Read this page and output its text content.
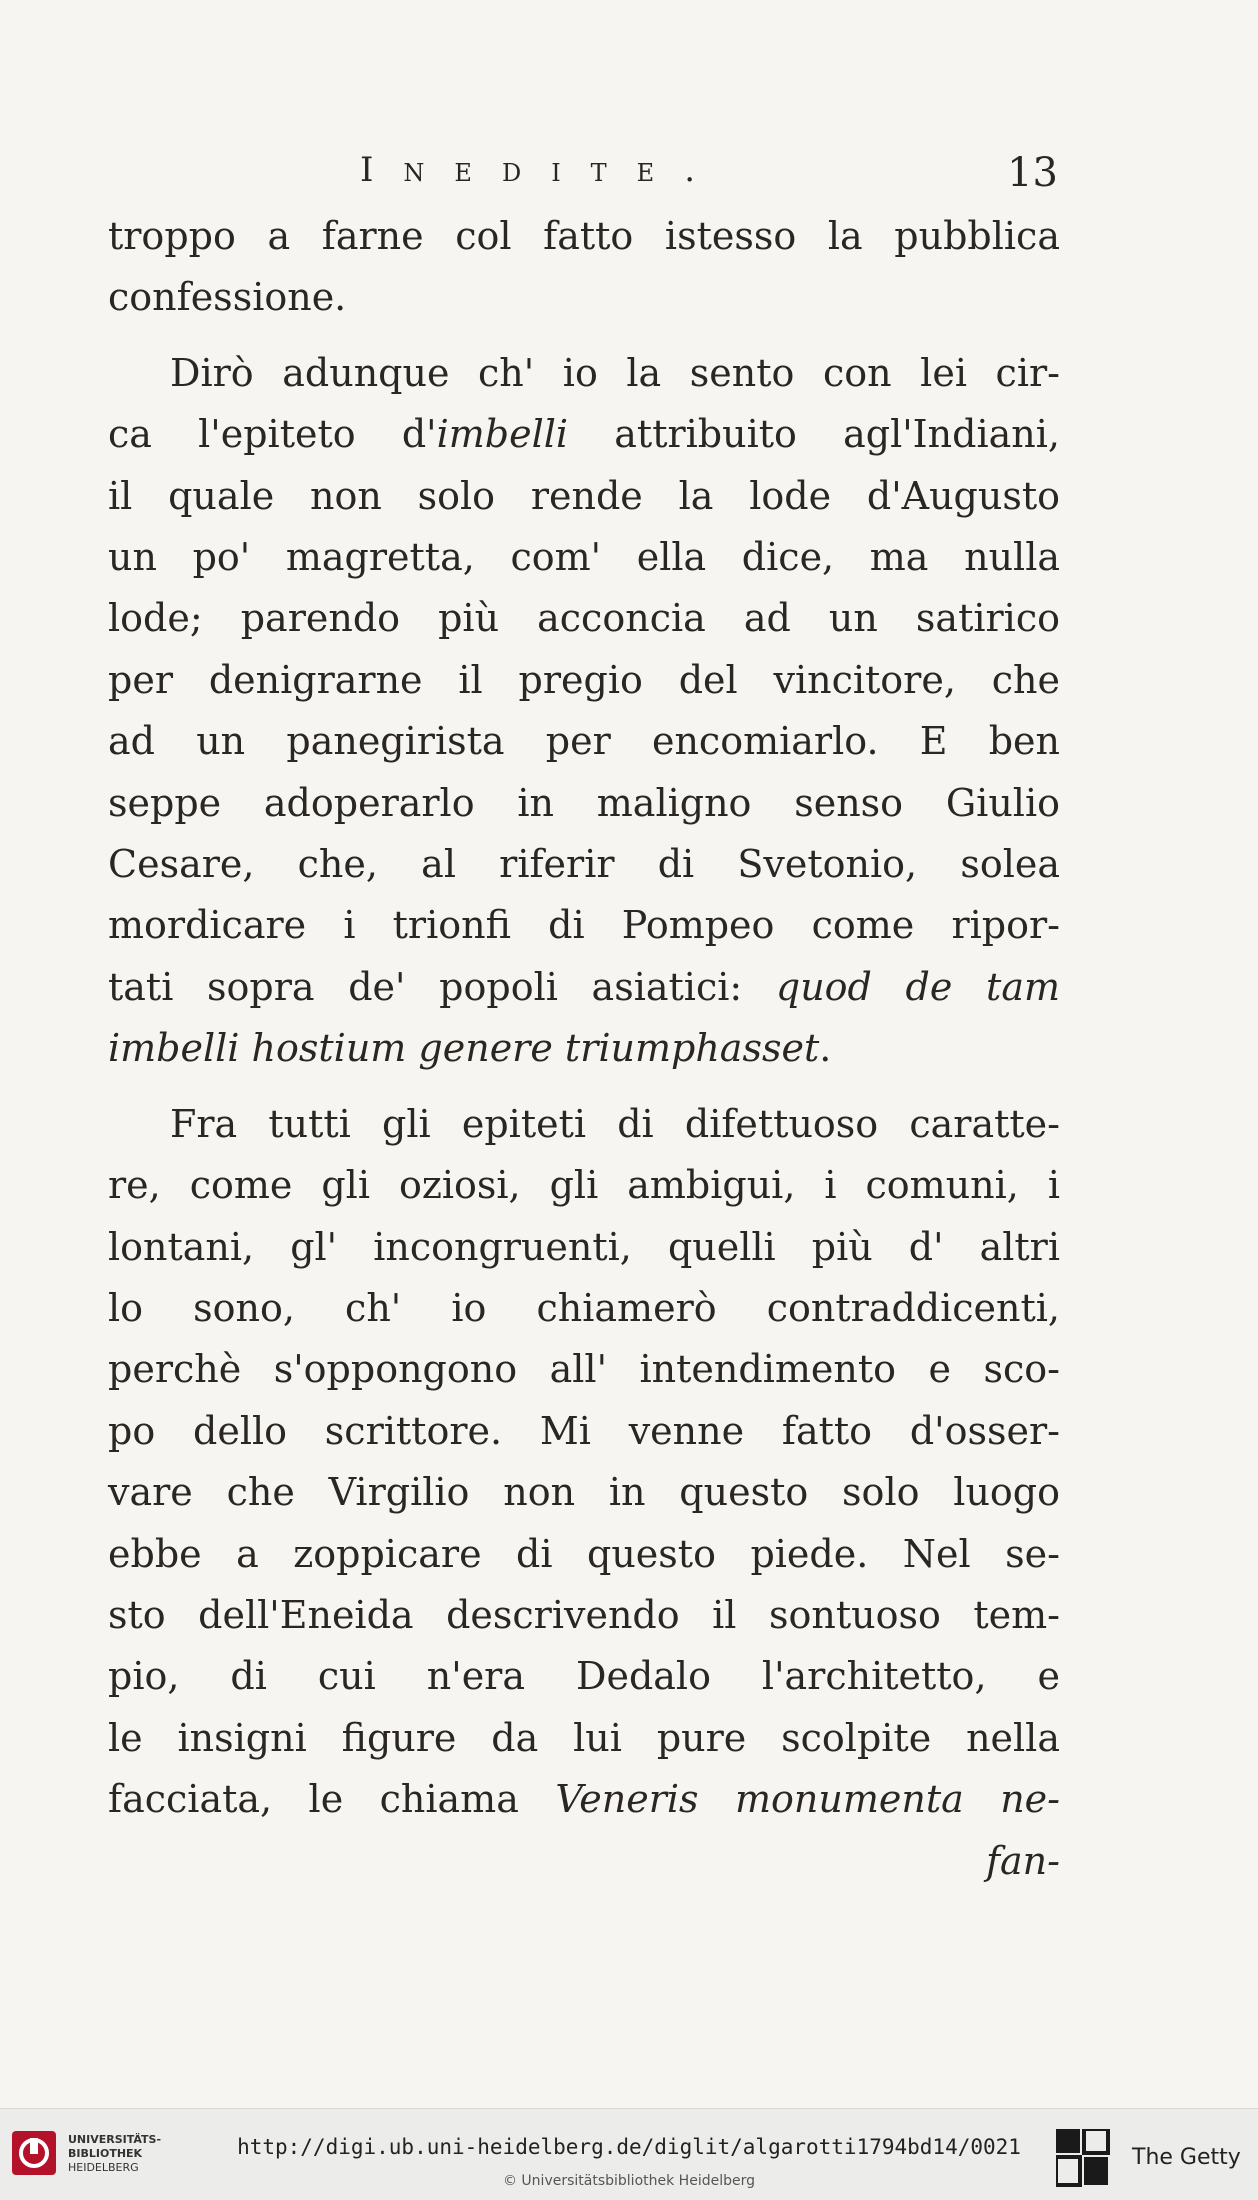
Inedite.	13
troppo a farne col fatto istesso la pubblica
confessione.
Dirò adunque ch' io la sento con lei cir-
ca l'epiteto d'imbelli attribuito agl'Indiani,
il quale non solo rende la lode d'Augusto
un po' magretta, com' ella dice, ma nulla
lode; parendo più acconcia ad un satirico
per denigrarne il pregio del vincitore, che
ad un panegirista per encomiarlo. E ben
seppe adoperarlo in maligno senso Giulio
Cesare, che, al riferir di Svetonio, solea
mordicare i trionfi di Pompeo come ripor-
tati sopra de' popoli asiatici: quod de tam
imbelli hostium genere triumphasset.
Fra tutti gli epiteti di difettuoso caratte-
re, come gli oziosi, gli ambigui, i comuni, i
lontani, gl' incongruenti, quelli più d' altri
lo sono, ch' io chiamerò contraddicenti,
perchè s'oppongono all' intendimento e sco-
po dello scrittore. Mi venne fatto d'osser-
vare che Virgilio non in questo solo luogo
ebbe a zoppicare di questo piede. Nel se-
sto dell'Eneida descrivendo il sontuoso tem-
pio, di cui n'era Dedalo l'architetto, e
le insigni figure da lui pure scolpite nella
facciata, le chiama Veneris monumenta ne-
fan-
UNIVERSITÄTS-
BIBLIOTHEK
HEIDELBERG
http://digi.ub.uni-heidelberg.de/diglit/algarotti1794bd14/0021
© Universitätsbibliothek Heidelberg
The Getty
